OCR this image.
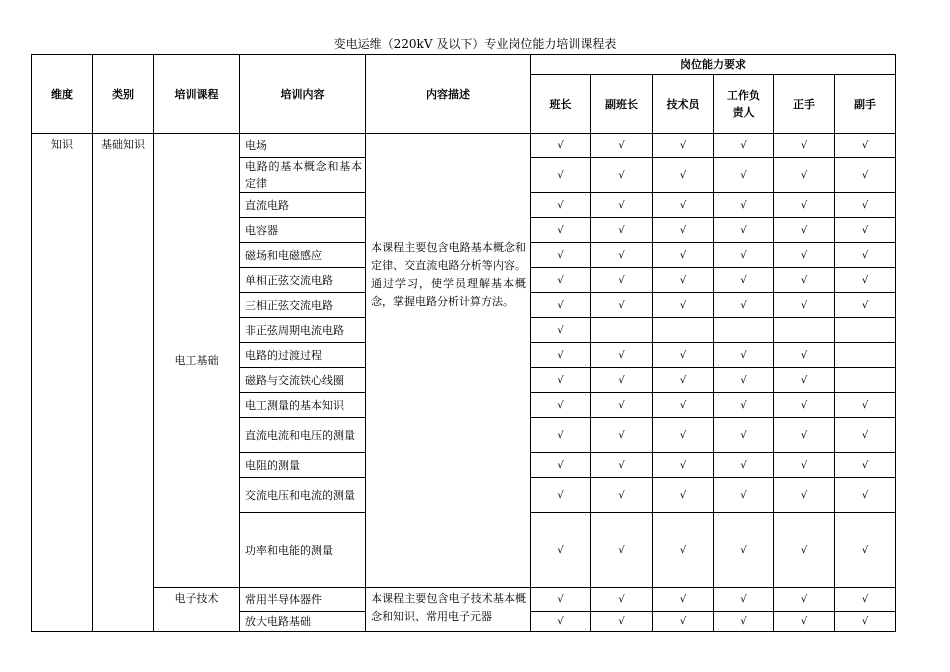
变电运维（220kV 及以下）专业岗位能力培训课程表
维度	类别	培训课程	培训内容	内容描述	岗位能力要求					
					班长	副班长	技术员	工作负责人	正手	副手
知识	基础知识	电工基础	电场	本课程主要包含电路基本概念和定律、交直流电路分析等内容。通过学习，使学员理解基本概念，掌握电路分析计算方法。	√	√	√	√	√	√
			电路的基本概念和基本定律		√	√	√	√	√	√
			直流电路		√	√	√	√	√	√
			电容器		√	√	√	√	√	√
			磁场和电磁感应		√	√	√	√	√	√
			单相正弦交流电路		√	√	√	√	√	√
			三相正弦交流电路		√	√	√	√	√	√
			非正弦周期电流电路		√					
			电路的过渡过程		√	√	√	√	√	
			磁路与交流铁心线圈		√	√	√	√	√	
			电工测量的基本知识		√	√	√	√	√	√
			直流电流和电压的测量		√	√	√	√	√	√
			电阻的测量		√	√	√	√	√	√
			交流电压和电流的测量		√	√	√	√	√	√
			功率和电能的测量		√	√	√	√	√	√
		电子技术	常用半导体器件	本课程主要包含电子技术基本概念和知识、常用电子元器	√	√	√	√	√	√
			放大电路基础		√	√	√	√	√	√
